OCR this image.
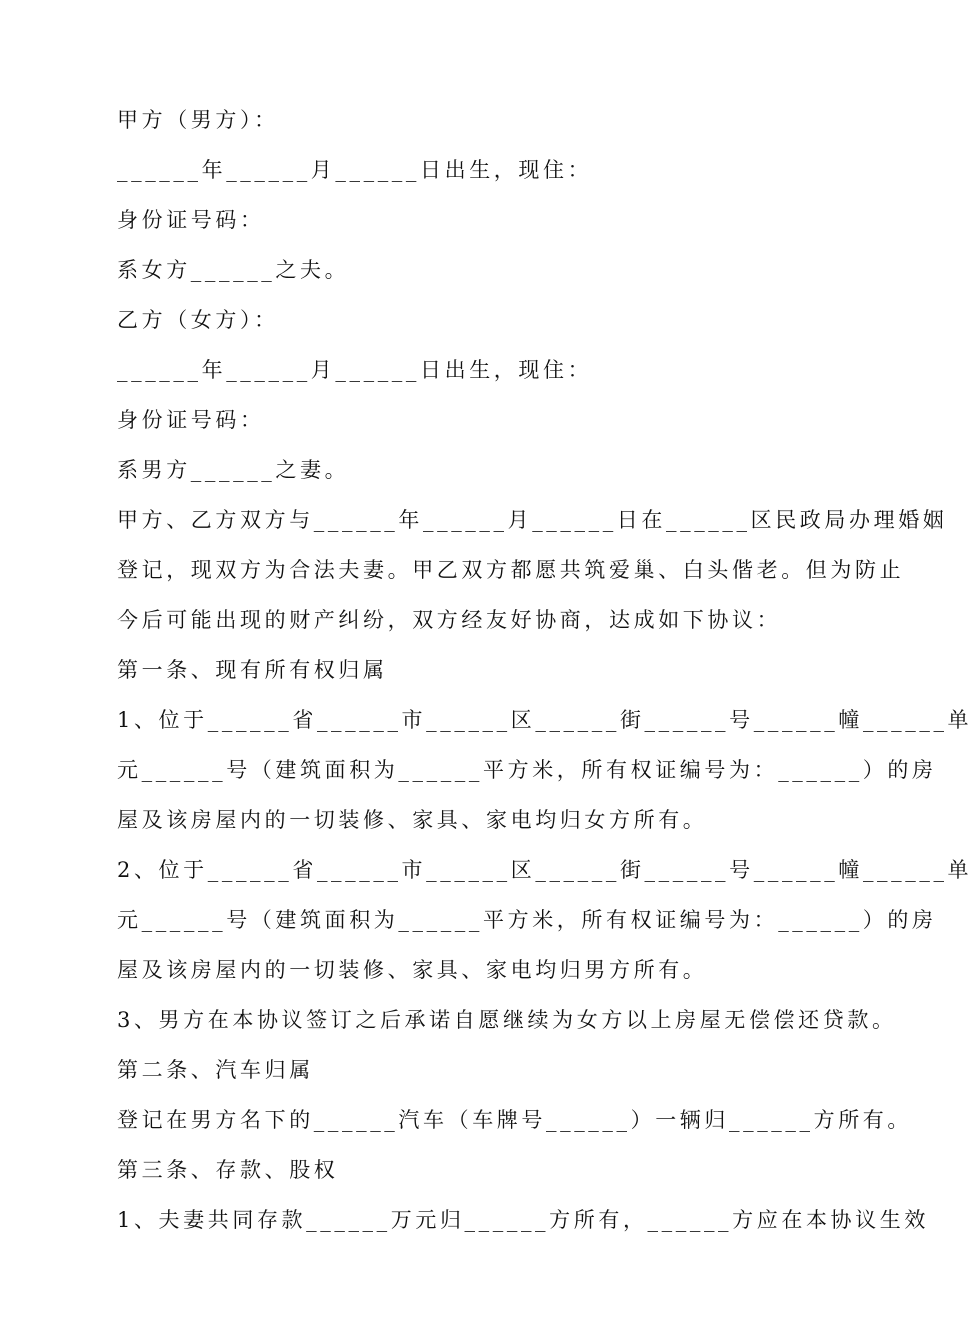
甲方（男方）：
______年______月______日出生，现住：
身份证号码：
系女方______之夫。
乙方（女方）：
______年______月______日出生，现住：
身份证号码：
系男方______之妻。
甲方、乙方双方与______年______月______日在______区民政局办理婚姻
登记，现双方为合法夫妻。甲乙双方都愿共筑爱巢、白头偕老。但为防止
今后可能出现的财产纠纷，双方经友好协商，达成如下协议：
第一条、现有所有权归属
1、位于______省______市______区______街______号______幢______单
元______号（建筑面积为______平方米，所有权证编号为：______）的房
屋及该房屋内的一切装修、家具、家电均归女方所有。
2、位于______省______市______区______街______号______幢______单
元______号（建筑面积为______平方米，所有权证编号为：______）的房
屋及该房屋内的一切装修、家具、家电均归男方所有。
3、男方在本协议签订之后承诺自愿继续为女方以上房屋无偿偿还贷款。
第二条、汽车归属
登记在男方名下的______汽车（车牌号______）一辆归______方所有。
第三条、存款、股权
1、夫妻共同存款______万元归______方所有，______方应在本协议生效
